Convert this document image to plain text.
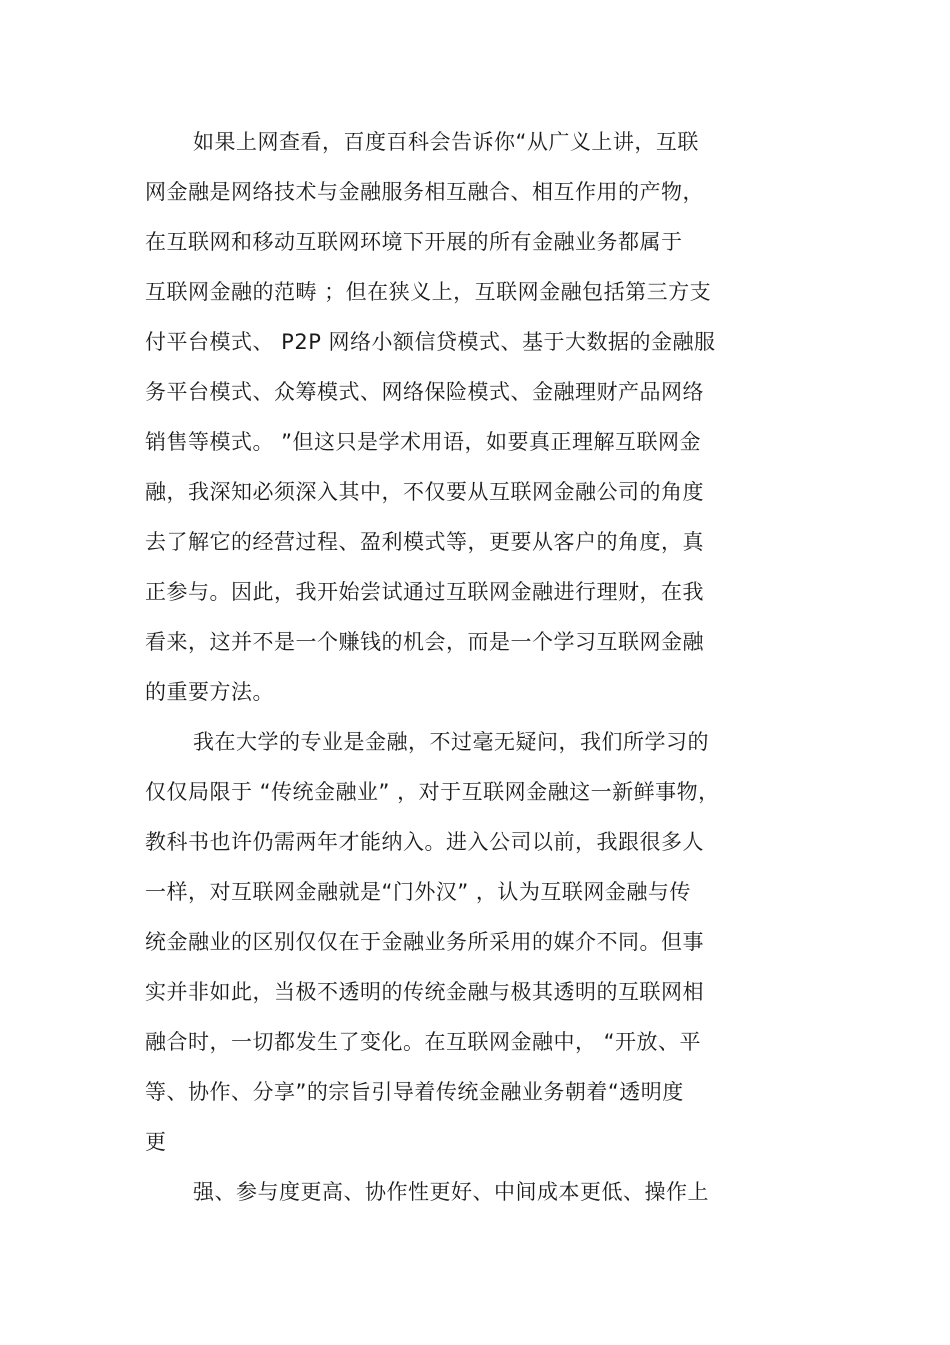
如果上网查看，百度百科会告诉你“从广义上讲，互联
网金融是网络技术与金融服务相互融合、相互作用的产物，
在互联网和移动互联网环境下开展的所有金融业务都属于
互联网金融的范畴 ；但在狭义上，互联网金融包括第三方支
付平台模式、 P2P 网络小额信贷模式、基于大数据的金融服
务平台模式、众筹模式、网络保险模式、金融理财产品网络
销售等模式。 ”但这只是学术用语，如要真正理解互联网金
融，我深知必须深入其中，不仅要从互联网金融公司的角度
去了解它的经营过程、盈利模式等，更要从客户的角度，真
正参与。因此，我开始尝试通过互联网金融进行理财，在我
看来，这并不是一个赚钱的机会，而是一个学习互联网金融
的重要方法。
我在大学的专业是金融，不过毫无疑问，我们所学习的
仅仅局限于 “传统金融业” ，对于互联网金融这一新鲜事物，
教科书也许仍需两年才能纳入。进入公司以前，我跟很多人
一样，对互联网金融就是“门外汉” ，认为互联网金融与传
统金融业的区别仅仅在于金融业务所采用的媒介不同。但事
实并非如此，当极不透明的传统金融与极其透明的互联网相
融合时，一切都发生了变化。在互联网金融中， “开放、平
等、协作、分享”的宗旨引导着传统金融业务朝着“透明度
更
强、参与度更高、协作性更好、中间成本更低、操作上
